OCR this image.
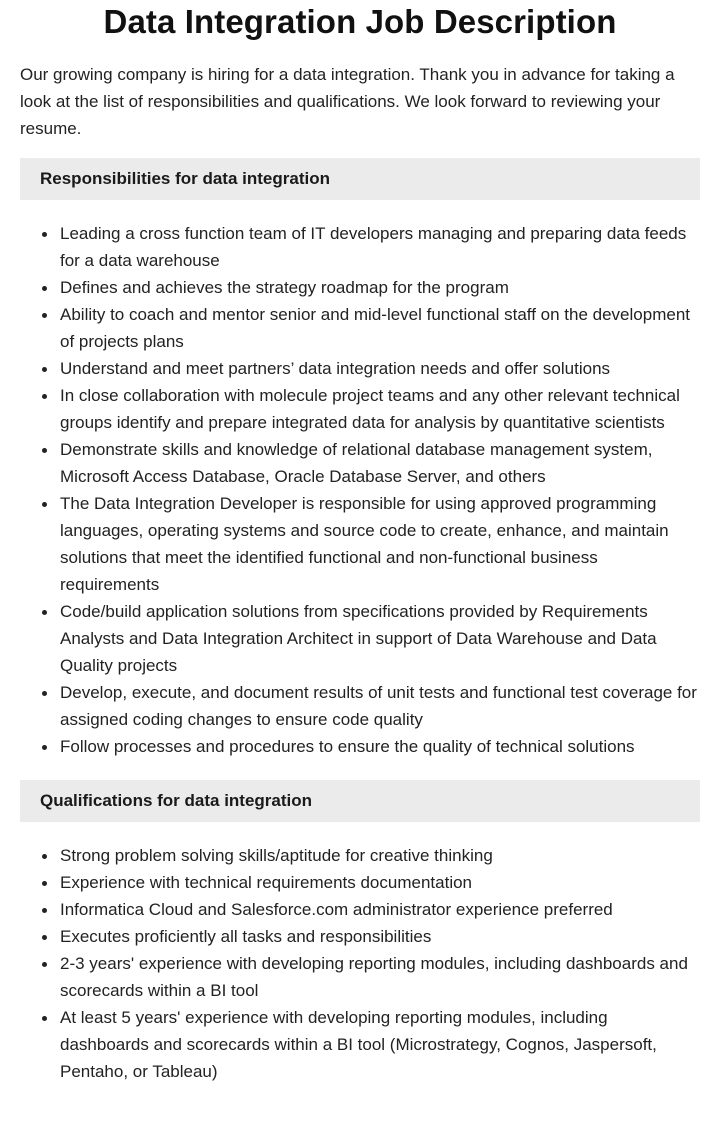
Data Integration Job Description

Our growing company is hiring for a data integration. Thank you in advance for taking a look at the list of responsibilities and qualifications. We look forward to reviewing your resume.

Responsibilities for data integration
Leading a cross function team of IT developers managing and preparing data feeds for a data warehouse
Defines and achieves the strategy roadmap for the program
Ability to coach and mentor senior and mid-level functional staff on the development of projects plans
Understand and meet partners’ data integration needs and offer solutions
In close collaboration with molecule project teams and any other relevant technical groups identify and prepare integrated data for analysis by quantitative scientists
Demonstrate skills and knowledge of relational database management system, Microsoft Access Database, Oracle Database Server, and others
The Data Integration Developer is responsible for using approved programming languages, operating systems and source code to create, enhance, and maintain solutions that meet the identified functional and non-functional business requirements
Code/build application solutions from specifications provided by Requirements Analysts and Data Integration Architect in support of Data Warehouse and Data Quality projects
Develop, execute, and document results of unit tests and functional test coverage for assigned coding changes to ensure code quality
Follow processes and procedures to ensure the quality of technical solutions
Qualifications for data integration
Strong problem solving skills/aptitude for creative thinking
Experience with technical requirements documentation
Informatica Cloud and Salesforce.com administrator experience preferred
Executes proficiently all tasks and responsibilities
2-3 years' experience with developing reporting modules, including dashboards and scorecards within a BI tool
At least 5 years' experience with developing reporting modules, including dashboards and scorecards within a BI tool (Microstrategy, Cognos, Jaspersoft, Pentaho, or Tableau)
